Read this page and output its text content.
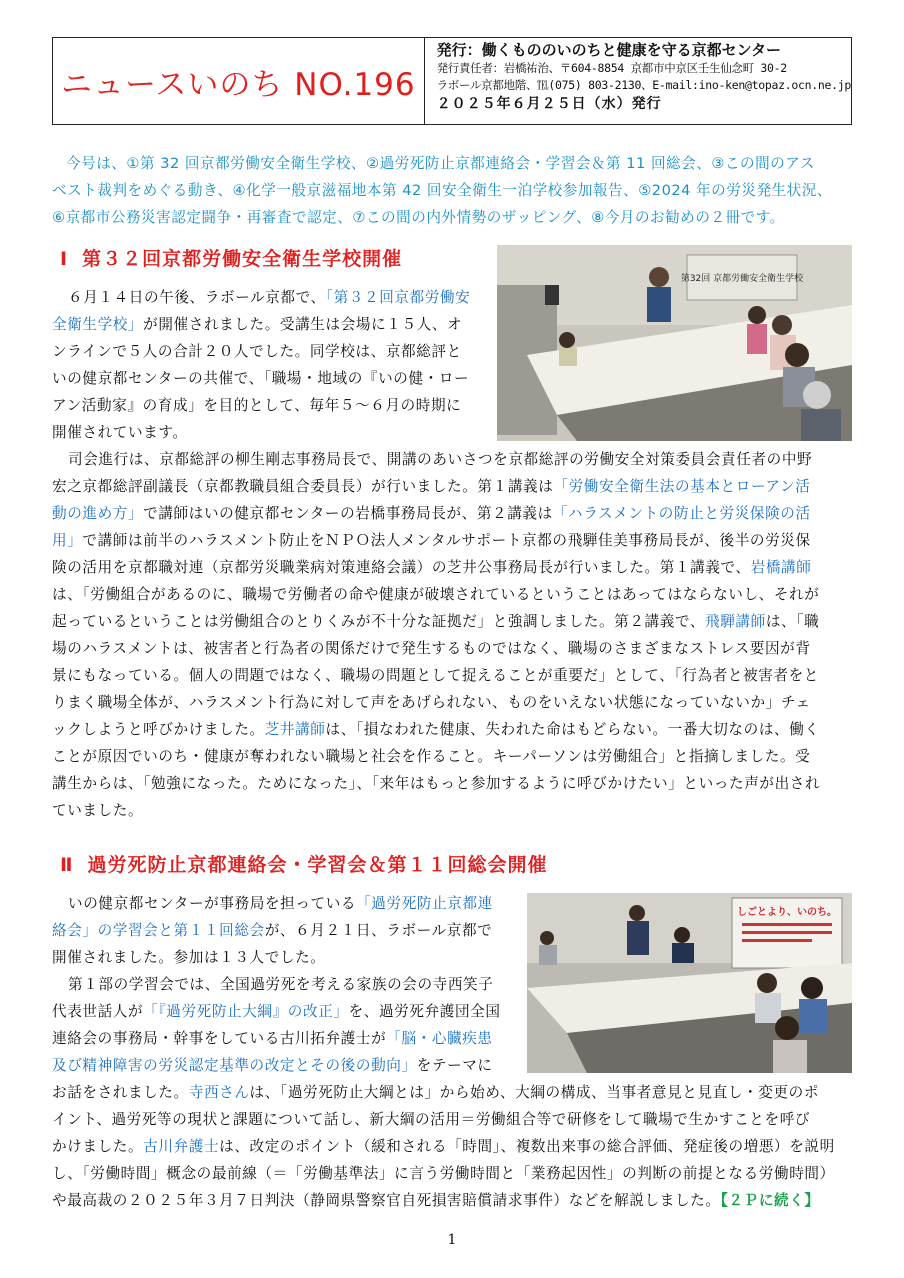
ニュースいのち NO.196
発行：働くもののいのちと健康を守る京都センター
発行責任者：岩橋祐治、〒604-8854 京都市中京区壬生仙念町 30-2
ラボール京都地階、℡(075) 803-2130、E-mail:ino-ken@topaz.ocn.ne.jp
２０２５年６月２５日（水）発行
今号は、①第 32 回京都労働安全衛生学校、②過労死防止京都連絡会・学習会＆第 11 回総会、③この間のアス
ベスト裁判をめぐる動き、④化学一般京滋福地本第 42 回安全衛生一泊学校参加報告、⑤2024 年の労災発生状況、
⑥京都市公務災害認定闘争・再審査で認定、⑦この間の内外情勢のザッピング、⑧今月のお勧めの２冊です。
Ⅰ 第３２回京都労働安全衛生学校開催
第32回 京都労働安全衛生学校
６月１４日の午後、ラボール京都で、「第３２回京都労働安
全衛生学校」が開催されました。受講生は会場に１５人、オ
ンラインで５人の合計２０人でした。同学校は、京都総評と
いの健京都センターの共催で、「職場・地域の『いの健・ロー
アン活動家』の育成」を目的として、毎年５～６月の時期に
開催されています。
司会進行は、京都総評の柳生剛志事務局長で、開講のあいさつを京都総評の労働安全対策委員会責任者の中野
宏之京都総評副議長（京都教職員組合委員長）が行いました。第１講義は「労働安全衛生法の基本とローアン活
動の進め方」で講師はいの健京都センターの岩橋事務局長が、第２講義は「ハラスメントの防止と労災保険の活
用」で講師は前半のハラスメント防止をＮＰＯ法人メンタルサポート京都の飛騨佳美事務局長が、後半の労災保
険の活用を京都職対連（京都労災職業病対策連絡会議）の芝井公事務局長が行いました。第１講義で、岩橋講師
は、「労働組合があるのに、職場で労働者の命や健康が破壊されているということはあってはならないし、それが
起っているということは労働組合のとりくみが不十分な証拠だ」と強調しました。第２講義で、飛騨講師は、「職
場のハラスメントは、被害者と行為者の関係だけで発生するものではなく、職場のさまざまなストレス要因が背
景にもなっている。個人の問題ではなく、職場の問題として捉えることが重要だ」として、「行為者と被害者をと
りまく職場全体が、ハラスメント行為に対して声をあげられない、ものをいえない状態になっていないか」チェ
ックしようと呼びかけました。芝井講師は、「損なわれた健康、失われた命はもどらない。一番大切なのは、働く
ことが原因でいのち・健康が奪われない職場と社会を作ること。キーパーソンは労働組合」と指摘しました。受
講生からは、「勉強になった。ためになった」、「来年はもっと参加するように呼びかけたい」といった声が出され
ていました。
Ⅱ 過労死防止京都連絡会・学習会＆第１１回総会開催
しごとより、いのち。
いの健京都センターが事務局を担っている「過労死防止京都連
絡会」の学習会と第１１回総会が、６月２１日、ラボール京都で
開催されました。参加は１３人でした。
第１部の学習会では、全国過労死を考える家族の会の寺西笑子
代表世話人が「『過労死防止大綱』の改正」を、過労死弁護団全国
連絡会の事務局・幹事をしている古川拓弁護士が「脳・心臓疾患
及び精神障害の労災認定基準の改定とその後の動向」をテーマに
お話をされました。寺西さんは、「過労死防止大綱とは」から始め、大綱の構成、当事者意見と見直し・変更のポ
イント、過労死等の現状と課題について話し、新大綱の活用＝労働組合等で研修をして職場で生かすことを呼び
かけました。古川弁護士は、改定のポイント（緩和される「時間」、複数出来事の総合評価、発症後の増悪）を説明
し、「労働時間」概念の最前線（＝「労働基準法」に言う労働時間と「業務起因性」の判断の前提となる労働時間）
や最高裁の２０２５年３月７日判決（静岡県警察官自死損害賠償請求事件）などを解説しました。【２Ｐに続く】
1
